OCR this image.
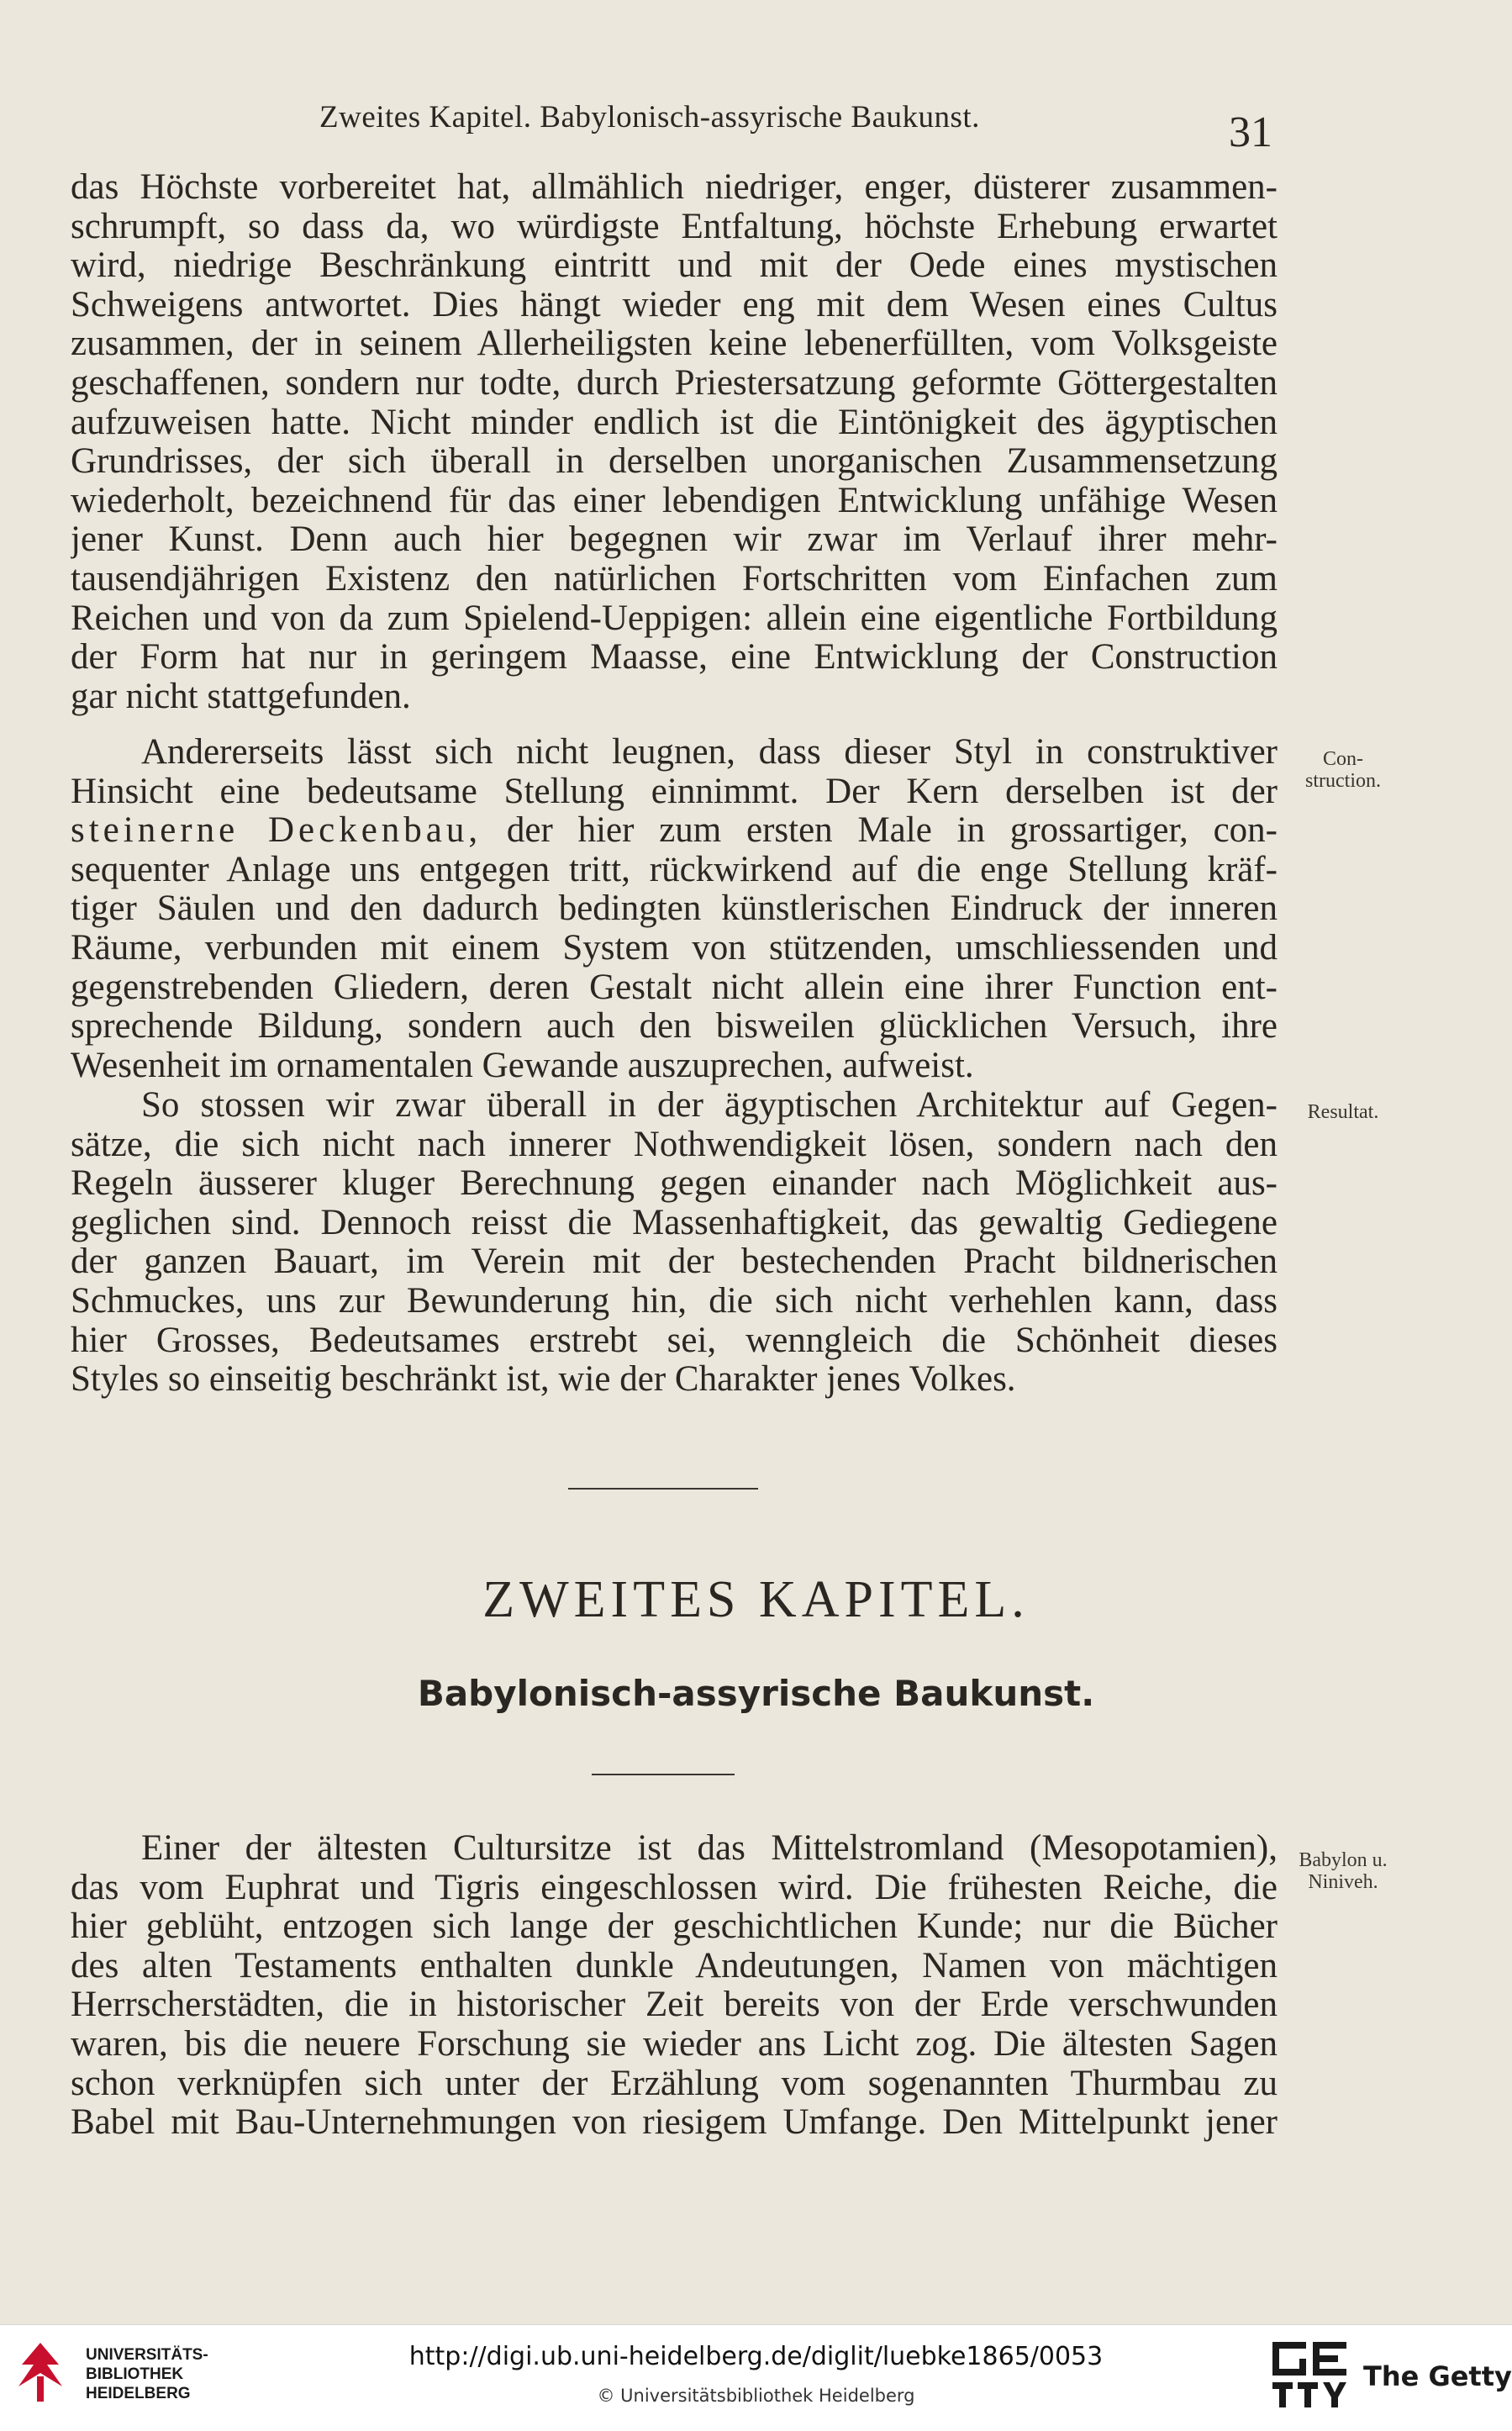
Zweites Kapitel. Babylonisch-assyrische Baukunst.	31
das Höchste vorbereitet hat, allmählich niedriger, enger, düsterer zusammen-
schrumpft, so dass da, wo würdigste Entfaltung, höchste Erhebung erwartet
wird, niedrige Beschränkung eintritt und mit der Oede eines mystischen
Schweigens antwortet. Dies hängt wieder eng mit dem Wesen eines Cultus
zusammen, der in seinem Allerheiligsten keine lebenerfüllten, vom Volksgeiste
geschaffenen, sondern nur todte, durch Priestersatzung geformte Göttergestalten
aufzuweisen hatte. Nicht minder endlich ist die Eintönigkeit des ägyptischen
Grundrisses, der sich überall in derselben unorganischen Zusammensetzung
wiederholt, bezeichnend für das einer lebendigen Entwicklung unfähige Wesen
jener Kunst. Denn auch hier begegnen wir zwar im Verlauf ihrer mehr-
tausendjährigen Existenz den natürlichen Fortschritten vom Einfachen zum
Reichen und von da zum Spielend-Ueppigen: allein eine eigentliche Fortbildung
der Form hat nur in geringem Maasse, eine Entwicklung der Construction
gar nicht stattgefunden.
Andererseits lässt sich nicht leugnen, dass dieser Styl in construktiver
Hinsicht eine bedeutsame Stellung einnimmt. Der Kern derselben ist der
steinerne Deckenbau, der hier zum ersten Male in grossartiger, con-
sequenter Anlage uns entgegen tritt, rückwirkend auf die enge Stellung kräf-
tiger Säulen und den dadurch bedingten künstlerischen Eindruck der inneren
Räume, verbunden mit einem System von stützenden, umschliessenden und
gegenstrebenden Gliedern, deren Gestalt nicht allein eine ihrer Function ent-
sprechende Bildung, sondern auch den bisweilen glücklichen Versuch, ihre
Wesenheit im ornamentalen Gewande auszuprechen, aufweist.
So stossen wir zwar überall in der ägyptischen Architektur auf Gegen-
sätze, die sich nicht nach innerer Nothwendigkeit lösen, sondern nach den
Regeln äusserer kluger Berechnung gegen einander nach Möglichkeit aus-
geglichen sind. Dennoch reisst die Massenhaftigkeit, das gewaltig Gediegene
der ganzen Bauart, im Verein mit der bestechenden Pracht bildnerischen
Schmuckes, uns zur Bewunderung hin, die sich nicht verhehlen kann, dass
hier Grosses, Bedeutsames erstrebt sei, wenngleich die Schönheit dieses
Styles so einseitig beschränkt ist, wie der Charakter jenes Volkes.
Con-
struction.
Resultat.
Babylon u.
Niniveh.
ZWEITES KAPITEL.
Babylonisch-assyrische Baukunst.
Einer der ältesten Cultursitze ist das Mittelstromland (Mesopotamien),
das vom Euphrat und Tigris eingeschlossen wird. Die frühesten Reiche, die
hier geblüht, entzogen sich lange der geschichtlichen Kunde; nur die Bücher
des alten Testaments enthalten dunkle Andeutungen, Namen von mächtigen
Herrscherstädten, die in historischer Zeit bereits von der Erde verschwunden
waren, bis die neuere Forschung sie wieder ans Licht zog. Die ältesten Sagen
schon verknüpfen sich unter der Erzählung vom sogenannten Thurmbau zu
Babel mit Bau-Unternehmungen von riesigem Umfange. Den Mittelpunkt jener
UNIVERSITÄTS-
BIBLIOTHEK
HEIDELBERG
http://digi.ub.uni-heidelberg.de/diglit/luebke1865/0053
© Universitätsbibliothek Heidelberg
The Getty
